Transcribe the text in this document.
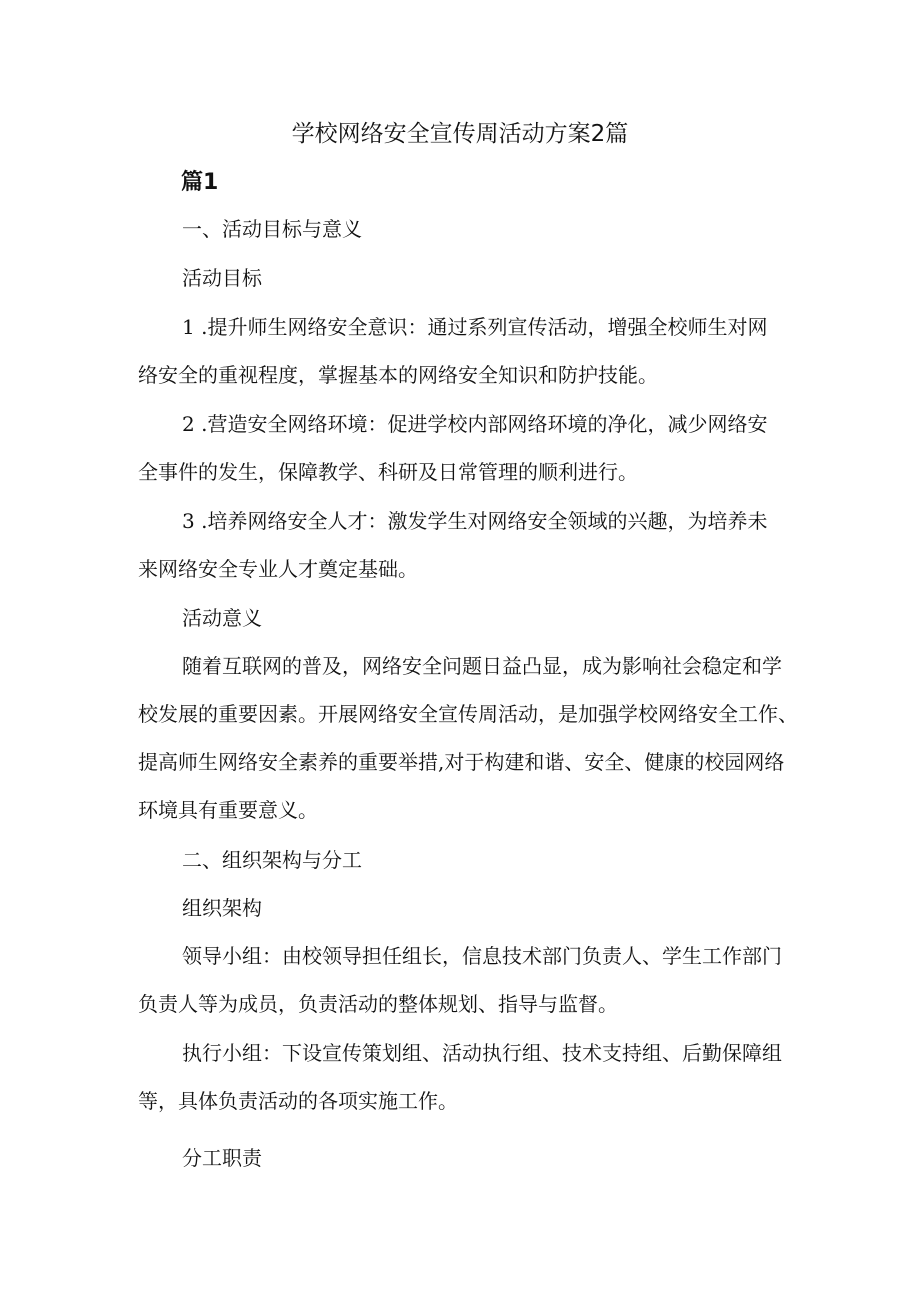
学校网络安全宣传周活动方案2篇
篇1

一、活动目标与意义

活动目标

1 .提升师生网络安全意识：通过系列宣传活动，增强全校师生对网

络安全的重视程度，掌握基本的网络安全知识和防护技能。

2 .营造安全网络环境：促进学校内部网络环境的净化，减少网络安

全事件的发生，保障教学、科研及日常管理的顺利进行。

3 .培养网络安全人才：激发学生对网络安全领域的兴趣，为培养未

来网络安全专业人才奠定基础。

活动意义

随着互联网的普及，网络安全问题日益凸显，成为影响社会稳定和学

校发展的重要因素。开展网络安全宣传周活动，是加强学校网络安全工作、

提高师生网络安全素养的重要举措,对于构建和谐、安全、健康的校园网络

环境具有重要意义。

二、组织架构与分工

组织架构

领导小组：由校领导担任组长，信息技术部门负责人、学生工作部门

负责人等为成员，负责活动的整体规划、指导与监督。

执行小组：下设宣传策划组、活动执行组、技术支持组、后勤保障组

等，具体负责活动的各项实施工作。

分工职责
